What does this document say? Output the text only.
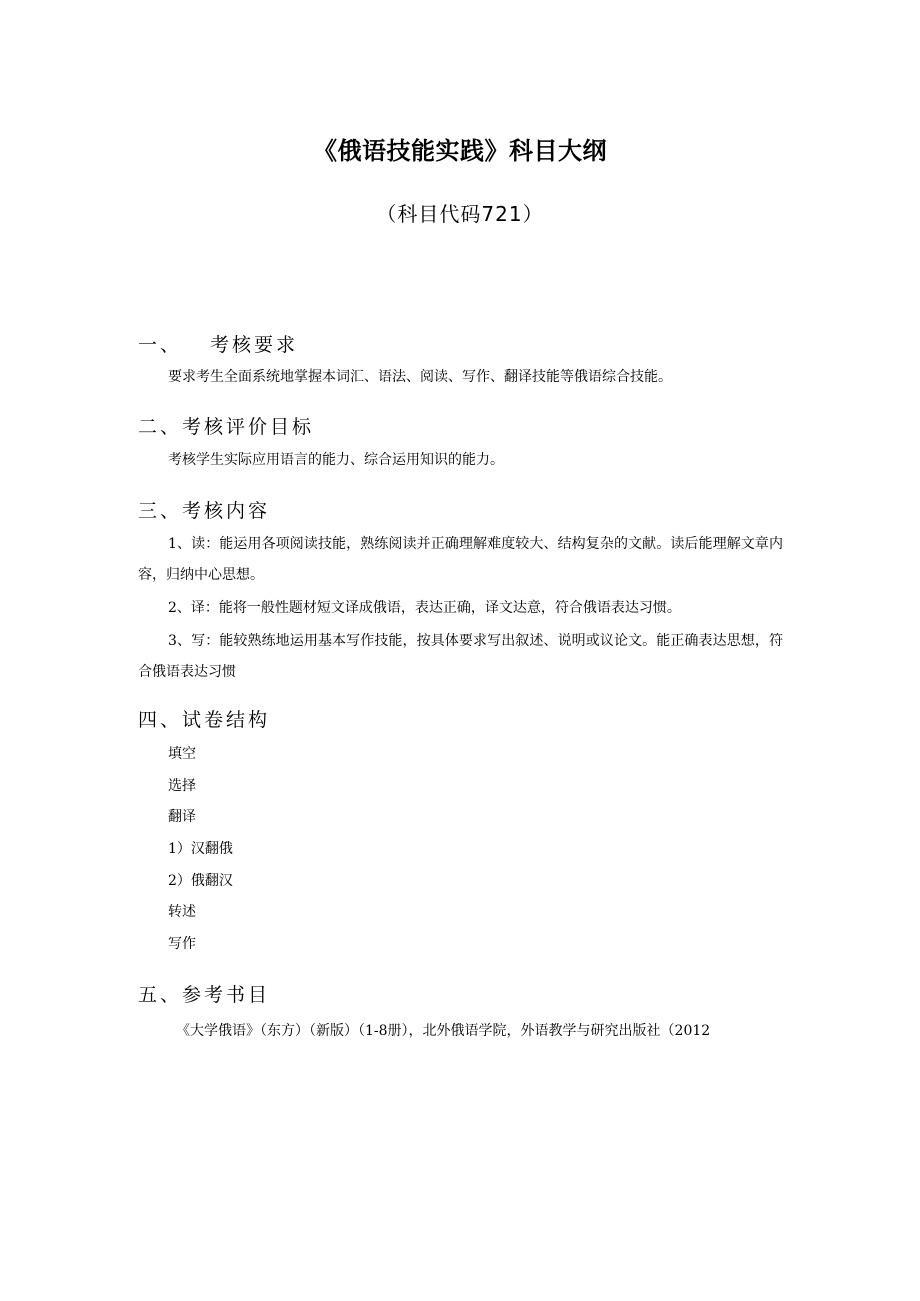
《俄语技能实践》科目大纲
（科目代码721）
一、 考核要求
要求考生全面系统地掌握本词汇、语法、阅读、写作、翻译技能等俄语综合技能。
二、考核评价目标
考核学生实际应用语言的能力、综合运用知识的能力。
三、考核内容
1、读：能运用各项阅读技能，熟练阅读并正确理解难度较大、结构复杂的文献。读后能理解文章内容，归纳中心思想。
2、译：能将一般性题材短文译成俄语，表达正确，译文达意，符合俄语表达习惯。
3、写：能较熟练地运用基本写作技能，按具体要求写出叙述、说明或议论文。能正确表达思想，符合俄语表达习惯
四、试卷结构
填空
选择
翻译
1）汉翻俄
2）俄翻汉
转述
写作
五、参考书目
《大学俄语》（东方）（新版）（1-8册），北外俄语学院，外语教学与研究出版社（2012
